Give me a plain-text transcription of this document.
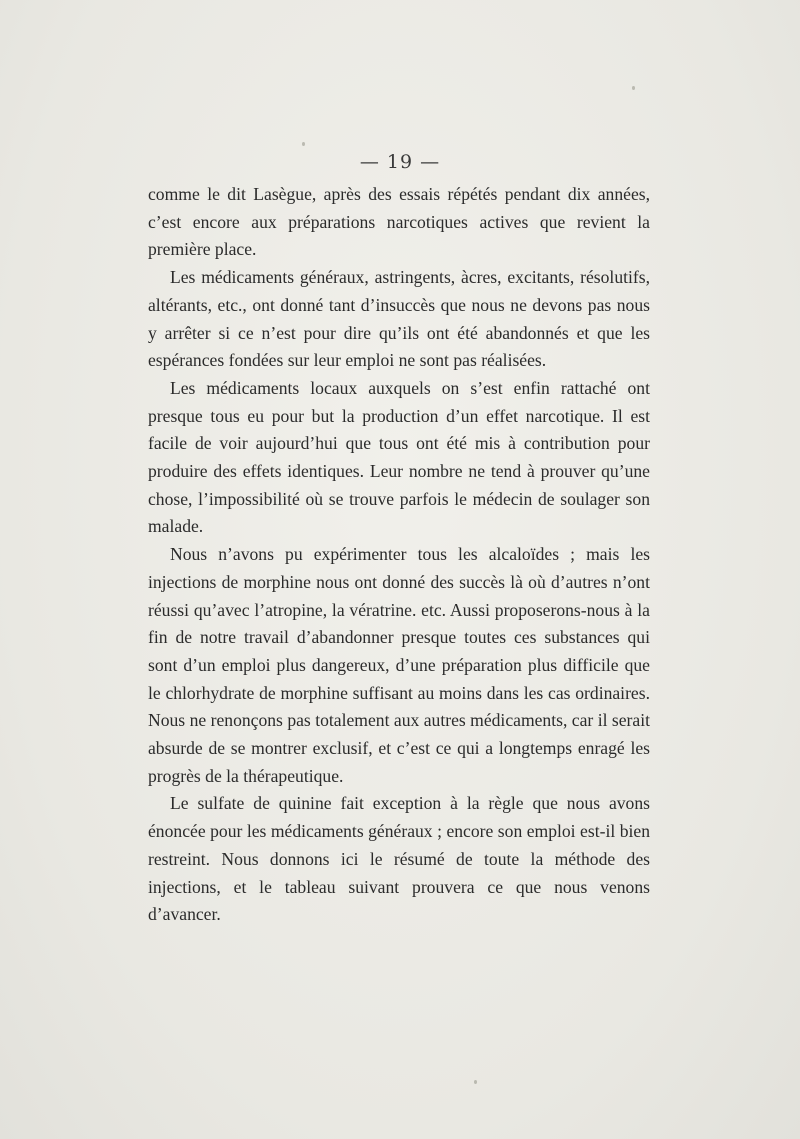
— 19 —

comme le dit Lasègue, après des essais répétés pendant dix années, c’est encore aux préparations narcotiques actives que revient la première place.

Les médicaments généraux, astringents, àcres, excitants, résolutifs, altérants, etc., ont donné tant d’insuccès que nous ne devons pas nous y arrêter si ce n’est pour dire qu’ils ont été abandonnés et que les espérances fondées sur leur emploi ne sont pas réalisées.

Les médicaments locaux auxquels on s’est enfin rattaché ont presque tous eu pour but la production d’un effet narcotique. Il est facile de voir aujourd’hui que tous ont été mis à contribution pour produire des effets identiques. Leur nombre ne tend à prouver qu’une chose, l’impossibilité où se trouve parfois le médecin de soulager son malade.

Nous n’avons pu expérimenter tous les alcaloïdes ; mais les injections de morphine nous ont donné des succès là où d’autres n’ont réussi qu’avec l’atropine, la vératrine. etc. Aussi proposerons-nous à la fin de notre travail d’abandonner presque toutes ces substances qui sont d’un emploi plus dangereux, d’une préparation plus difficile que le chlorhydrate de morphine suffisant au moins dans les cas ordinaires. Nous ne renonçons pas totalement aux autres médicaments, car il serait absurde de se montrer exclusif, et c’est ce qui a longtemps enragé les progrès de la thérapeutique.

Le sulfate de quinine fait exception à la règle que nous avons énoncée pour les médicaments généraux ; encore son emploi est-il bien restreint. Nous donnons ici le résumé de toute la méthode des injections, et le tableau suivant prouvera ce que nous venons d’avancer.
